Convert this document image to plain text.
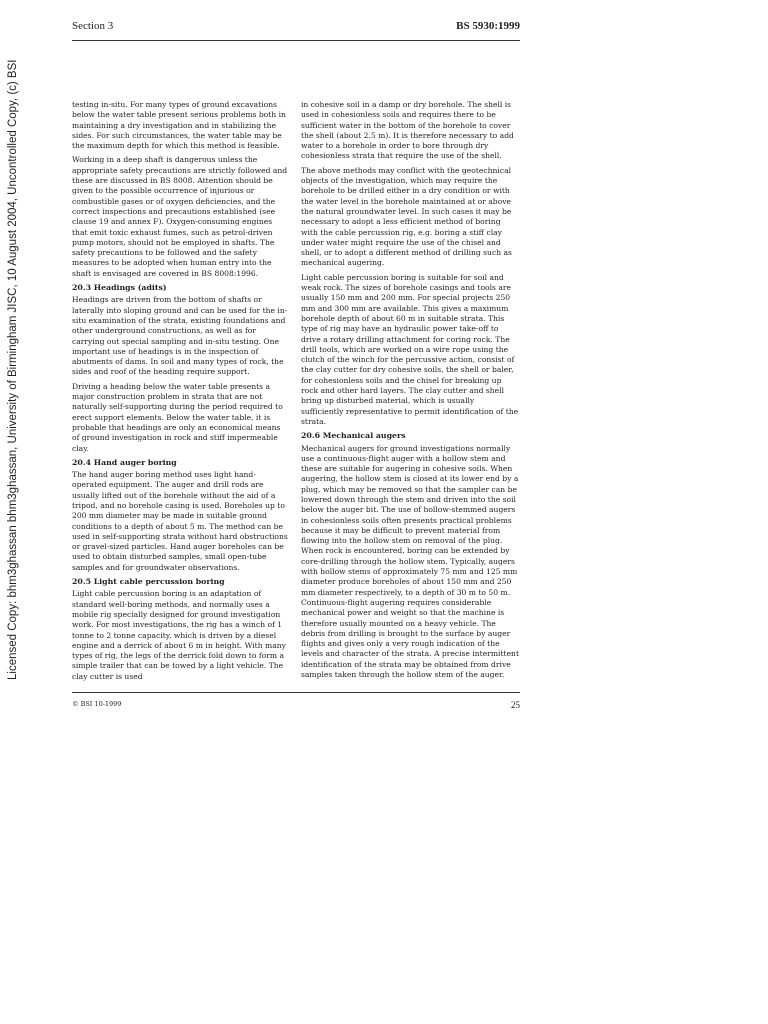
Section 3	BS 5930:1999
Licensed Copy: bhm3ghassan bhm3ghassan, University of Birmingham JISC, 10 August 2004, Uncontrolled Copy, (c) BSI	testing in-situ. For many types of ground excavations below the water table present serious problems both in maintaining a dry investigation and in stabilizing the sides. For such circumstances, the water table may be the maximum depth for which this method is feasible.

Working in a deep shaft is dangerous unless the appropriate safety precautions are strictly followed and these are discussed in BS 8008. Attention should be given to the possible occurrence of injurious or combustible gases or of oxygen deficiencies, and the correct inspections and precautions established (see clause 19 and annex F). Oxygen-consuming engines that emit toxic exhaust fumes, such as petrol-driven pump motors, should not be employed in shafts. The safety precautions to be followed and the safety measures to be adopted when human entry into the shaft is envisaged are covered in BS 8008:1996.

20.3 Headings (adits)

Headings are driven from the bottom of shafts or laterally into sloping ground and can be used for the in-situ examination of the strata, existing foundations and other underground constructions, as well as for carrying out special sampling and in-situ testing. One important use of headings is in the inspection of abutments of dams. In soil and many types of rock, the sides and roof of the heading require support.

Driving a heading below the water table presents a major construction problem in strata that are not naturally self-supporting during the period required to erect support elements. Below the water table, it is probable that headings are only an economical means of ground investigation in rock and stiff impermeable clay.

20.4 Hand auger boring

The hand auger boring method uses light hand-operated equipment. The auger and drill rods are usually lifted out of the borehole without the aid of a tripod, and no borehole casing is used. Boreholes up to 200 mm diameter may be made in suitable ground conditions to a depth of about 5 m. The method can be used in self-supporting strata without hard obstructions or gravel-sized particles. Hand auger boreholes can be used to obtain disturbed samples, small open-tube samples and for groundwater observations.

20.5 Light cable percussion boring

Light cable percussion boring is an adaptation of standard well-boring methods, and normally uses a mobile rig specially designed for ground investigation work. For most investigations, the rig has a winch of 1 tonne to 2 tonne capacity, which is driven by a diesel engine and a derrick of about 6 m in height. With many types of rig, the legs of the derrick fold down to form a simple trailer that can be towed by a light vehicle. The clay cutter is used

in cohesive soil in a damp or dry borehole. The shell is used in cohesionless soils and requires there to be sufficient water in the bottom of the borehole to cover the shell (about 2.5 m). It is therefore necessary to add water to a borehole in order to bore through dry cohesionless strata that require the use of the shell.

The above methods may conflict with the geotechnical objects of the investigation, which may require the borehole to be drilled either in a dry condition or with the water level in the borehole maintained at or above the natural groundwater level. In such cases it may be necessary to adopt a less efficient method of boring with the cable percussion rig, e.g. boring a stiff clay under water might require the use of the chisel and shell, or to adopt a different method of drilling such as mechanical augering.

Light cable percussion boring is suitable for soil and weak rock. The sizes of borehole casings and tools are usually 150 mm and 200 mm. For special projects 250 mm and 300 mm are available. This gives a maximum borehole depth of about 60 m in suitable strata. This type of rig may have an hydraulic power take-off to drive a rotary drilling attachment for coring rock. The drill tools, which are worked on a wire rope using the clutch of the winch for the percussive action, consist of the clay cutter for dry cohesive soils, the shell or baler, for cohesionless soils and the chisel for breaking up rock and other hard layers. The clay cutter and shell bring up disturbed material, which is usually sufficiently representative to permit identification of the strata.

20.6 Mechanical augers

Mechanical augers for ground investigations normally use a continuous-flight auger with a hollow stem and these are suitable for augering in cohesive soils. When augering, the hollow stem is closed at its lower end by a plug, which may be removed so that the sampler can be lowered down through the stem and driven into the soil below the auger bit. The use of hollow-stemmed augers in cohesionless soils often presents practical problems because it may be difficult to prevent material from flowing into the hollow stem on removal of the plug. When rock is encountered, boring can be extended by core-drilling through the hollow stem. Typically, augers with hollow stems of approximately 75 mm and 125 mm diameter produce boreholes of about 150 mm and 250 mm diameter respectively, to a depth of 30 m to 50 m. Continuous-flight augering requires considerable mechanical power and weight so that the machine is therefore usually mounted on a heavy vehicle. The debris from drilling is brought to the surface by auger flights and gives only a very rough indication of the levels and character of the strata. A precise intermittent identification of the strata may be obtained from drive samples taken through the hollow stem of the auger.

© BSI 10-1999	25
